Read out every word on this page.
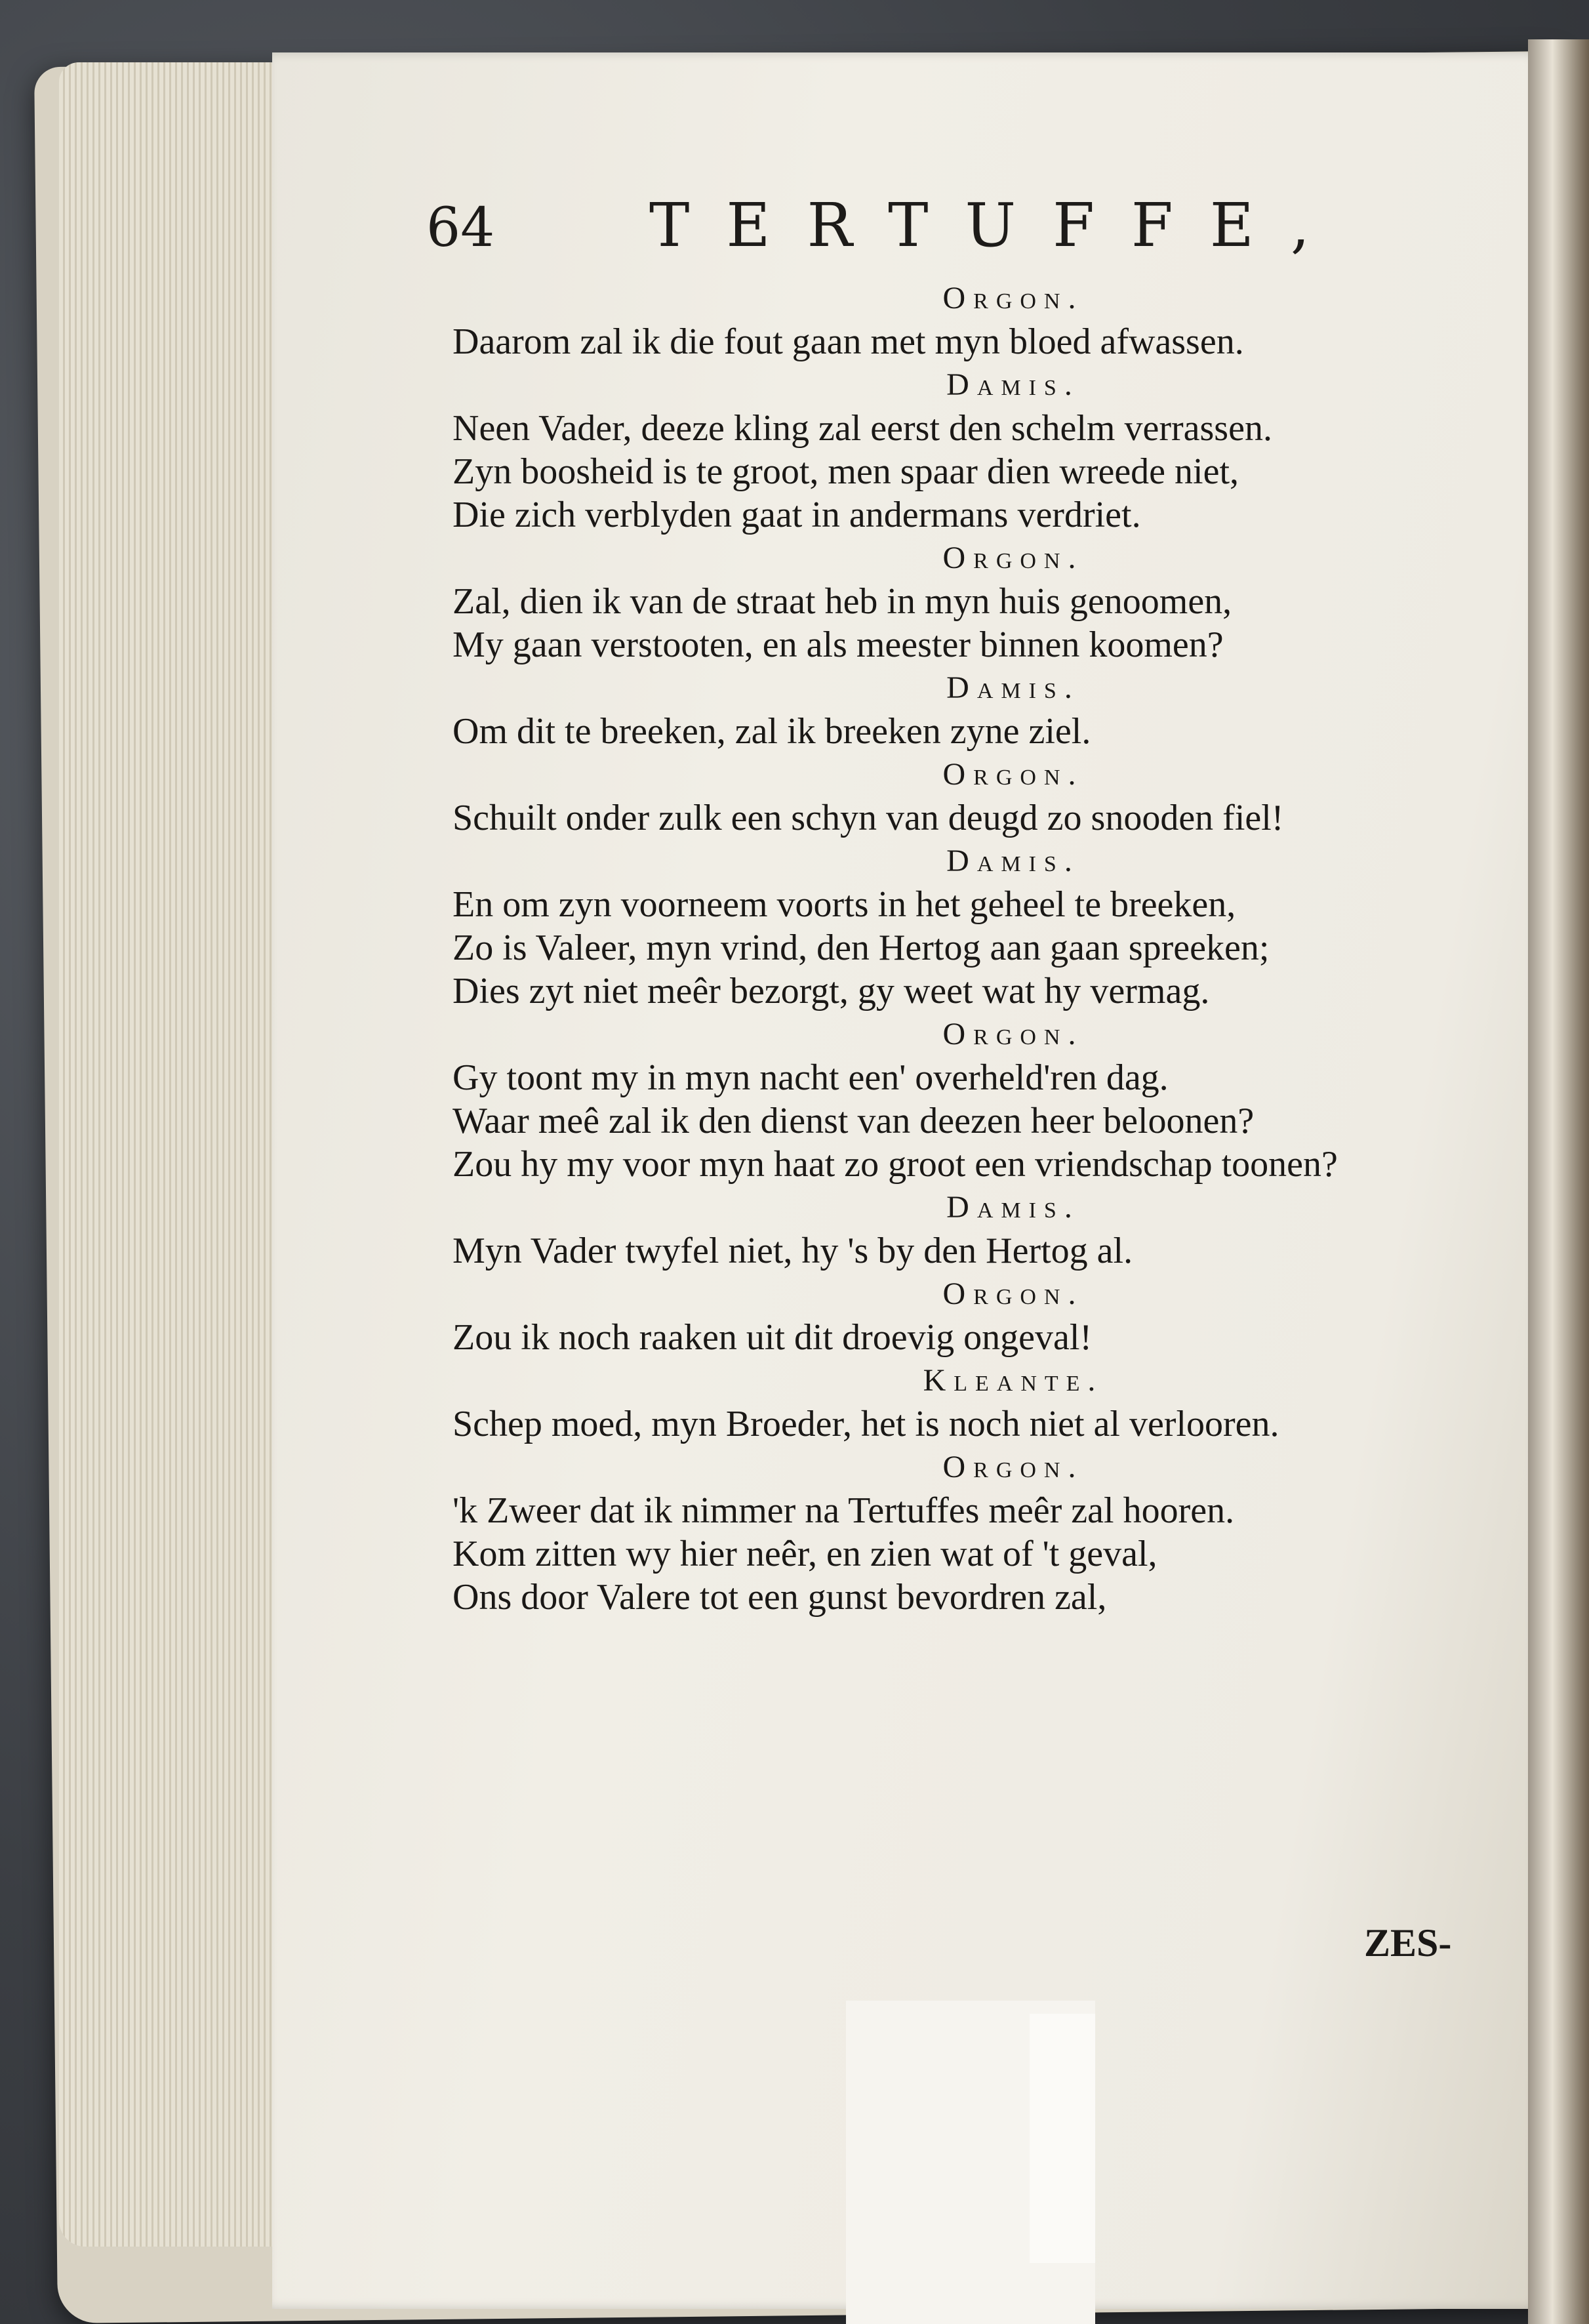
64	TERTUFFE,
Orgon.
Daarom zal ik die fout gaan met myn bloed afwassen.
Damis.
Neen Vader, deeze kling zal eerst den schelm verrassen.
Zyn boosheid is te groot, men spaar dien wreede niet,
Die zich verblyden gaat in andermans verdriet.
Orgon.
Zal, dien ik van de straat heb in myn huis genoomen,
My gaan verstooten, en als meester binnen koomen?
Damis.
Om dit te breeken, zal ik breeken zyne ziel.
Orgon.
Schuilt onder zulk een schyn van deugd zo snooden fiel!
Damis.
En om zyn voorneem voorts in het geheel te breeken,
Zo is Valeer, myn vrind, den Hertog aan gaan spreeken;
Dies zyt niet meêr bezorgt, gy weet wat hy vermag.
Orgon.
Gy toont my in myn nacht een' overheld'ren dag.
Waar meê zal ik den dienst van deezen heer beloonen?
Zou hy my voor myn haat zo groot een vriendschap toonen?
Damis.
Myn Vader twyfel niet, hy 's by den Hertog al.
Orgon.
Zou ik noch raaken uit dit droevig ongeval!
Kleante.
Schep moed, myn Broeder, het is noch niet al verlooren.
Orgon.
'k Zweer dat ik nimmer na Tertuffes meêr zal hooren.
Kom zitten wy hier neêr, en zien wat of 't geval,
Ons door Valere tot een gunst bevordren zal,
ZES-
